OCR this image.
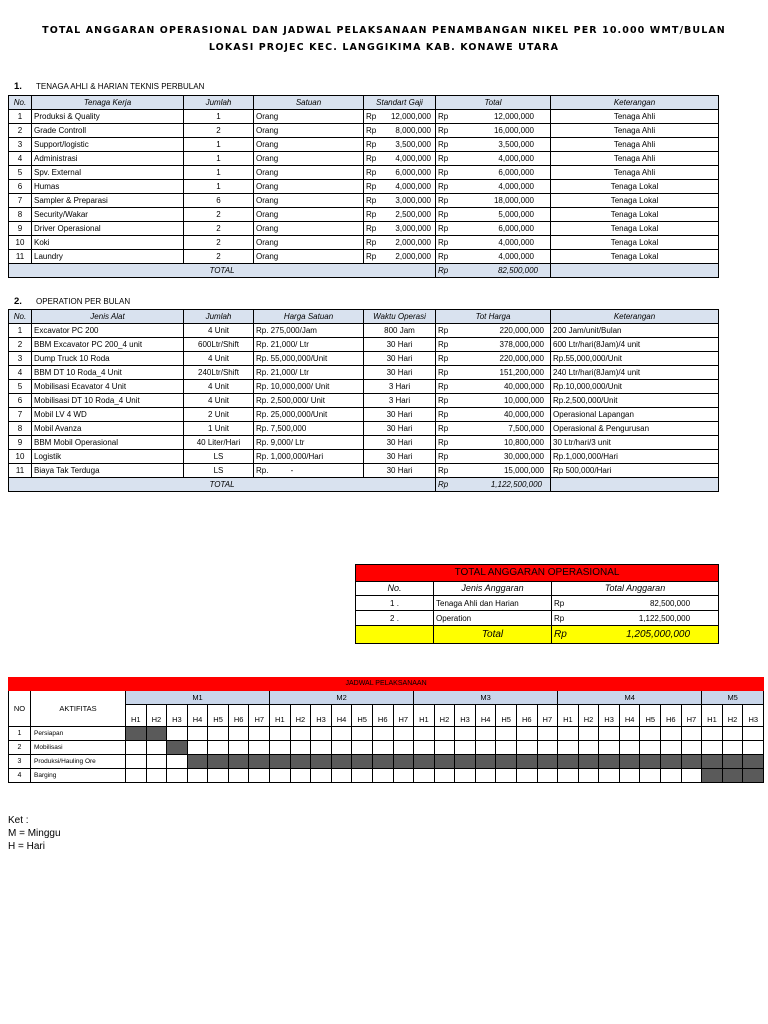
TOTAL ANGGARAN OPERASIONAL DAN JADWAL PELAKSANAAN PENAMBANGAN NIKEL PER 10.000 WMT/BULAN
LOKASI PROJEC KEC. LANGGIKIMA KAB. KONAWE UTARA
1. TENAGA AHLI & HARIAN TEKNIS PERBULAN
No.	Tenaga Kerja	Jumlah	Satuan	Standart Gaji	Total	Keterangan
1	Produksi & Quality	1	Orang	Rp 12,000,000	Rp 12,000,000	Tenaga Ahli
2	Grade Controll	2	Orang	Rp 8,000,000	Rp 16,000,000	Tenaga Ahli
3	Support/logistic	1	Orang	Rp 3,500,000	Rp 3,500,000	Tenaga Ahli
4	Administrasi	1	Orang	Rp 4,000,000	Rp 4,000,000	Tenaga Ahli
5	Spv. External	1	Orang	Rp 6,000,000	Rp 6,000,000	Tenaga Ahli
6	Humas	1	Orang	Rp 4,000,000	Rp 4,000,000	Tenaga Lokal
7	Sampler & Preparasi	6	Orang	Rp 3,000,000	Rp 18,000,000	Tenaga Lokal
8	Security/Wakar	2	Orang	Rp 2,500,000	Rp 5,000,000	Tenaga Lokal
9	Driver Operasional	2	Orang	Rp 3,000,000	Rp 6,000,000	Tenaga Lokal
10	Koki	2	Orang	Rp 2,000,000	Rp 4,000,000	Tenaga Lokal
11	Laundry	2	Orang	Rp 2,000,000	Rp 4,000,000	Tenaga Lokal
TOTAL					Rp 82,500,000	

2. OPERATION PER BULAN
No.	Jenis Alat	Jumlah	Harga Satuan	Waktu Operasi	Tot Harga	Keterangan
1	Excavator PC 200	4 Unit	Rp. 275,000/Jam	800 Jam	Rp 220,000,000	200 Jam/unit/Bulan
2	BBM Excavator PC 200_4 unit	600Ltr/Shift	Rp. 21,000/ Ltr	30 Hari	Rp 378,000,000	600 Ltr/hari(8Jam)/4 unit
3	Dump Truck 10 Roda	4 Unit	Rp. 55,000,000/Unit	30 Hari	Rp 220,000,000	Rp.55,000,000/Unit
4	BBM DT 10 Roda_4 Unit	240Ltr/Shift	Rp. 21,000/ Ltr	30 Hari	Rp 151,200,000	240 Ltr/hari(8Jam)/4 unit
5	Mobilisasi Ecavator 4 Unit	4 Unit	Rp. 10,000,000/ Unit	3 Hari	Rp 40,000,000	Rp.10,000,000/Unit
6	Mobilisasi DT 10 Roda_4 Unit	4 Unit	Rp. 2,500,000/ Unit	3 Hari	Rp 10,000,000	Rp.2,500,000/Unit
7	Mobil LV 4 WD	2 Unit	Rp. 25,000,000/Unit	30 Hari	Rp 40,000,000	Operasional Lapangan
8	Mobil Avanza	1 Unit	Rp. 7,500,000	30 Hari	Rp 7,500,000	Operasional & Pengurusan
9	BBM Mobil Operasional	40 Liter/Hari	Rp. 9,000/ Ltr	30 Hari	Rp 10,800,000	30 Ltr/hari/3 unit
10	Logistik	LS	Rp. 1,000,000/Hari	30 Hari	Rp 30,000,000	Rp.1,000,000/Hari
11	Biaya Tak Terduga	LS	Rp.          -	30 Hari	Rp 15,000,000	Rp 500,000/Hari
TOTAL					Rp 1,122,500,000	

TOTAL ANGGARAN OPERASIONAL		
No.	Jenis Anggaran	Total Anggaran
1 .	Tenaga Ahli dan Harian	Rp 82,500,000

2 .	Operation	Rp 1,122,500,000

	Total	Rp 1,205,000,000
JADWAL PELAKSANAAN																																
NO	AKTIFITAS	M1							M2							M3							M4							M5		
		H1	H2	H3	H4	H5	H6	H7	H1	H2	H3	H4	H5	H6	H7	H1	H2	H3	H4	H5	H6	H7	H1	H2	H3	H4	H5	H6	H7	H1	H2	H3
1	Persiapan																															
2	Mobilisasi																															
3	Produksi/Hauling Ore																															
4	Barging																															
Ket :
M = Minggu
H = Hari
